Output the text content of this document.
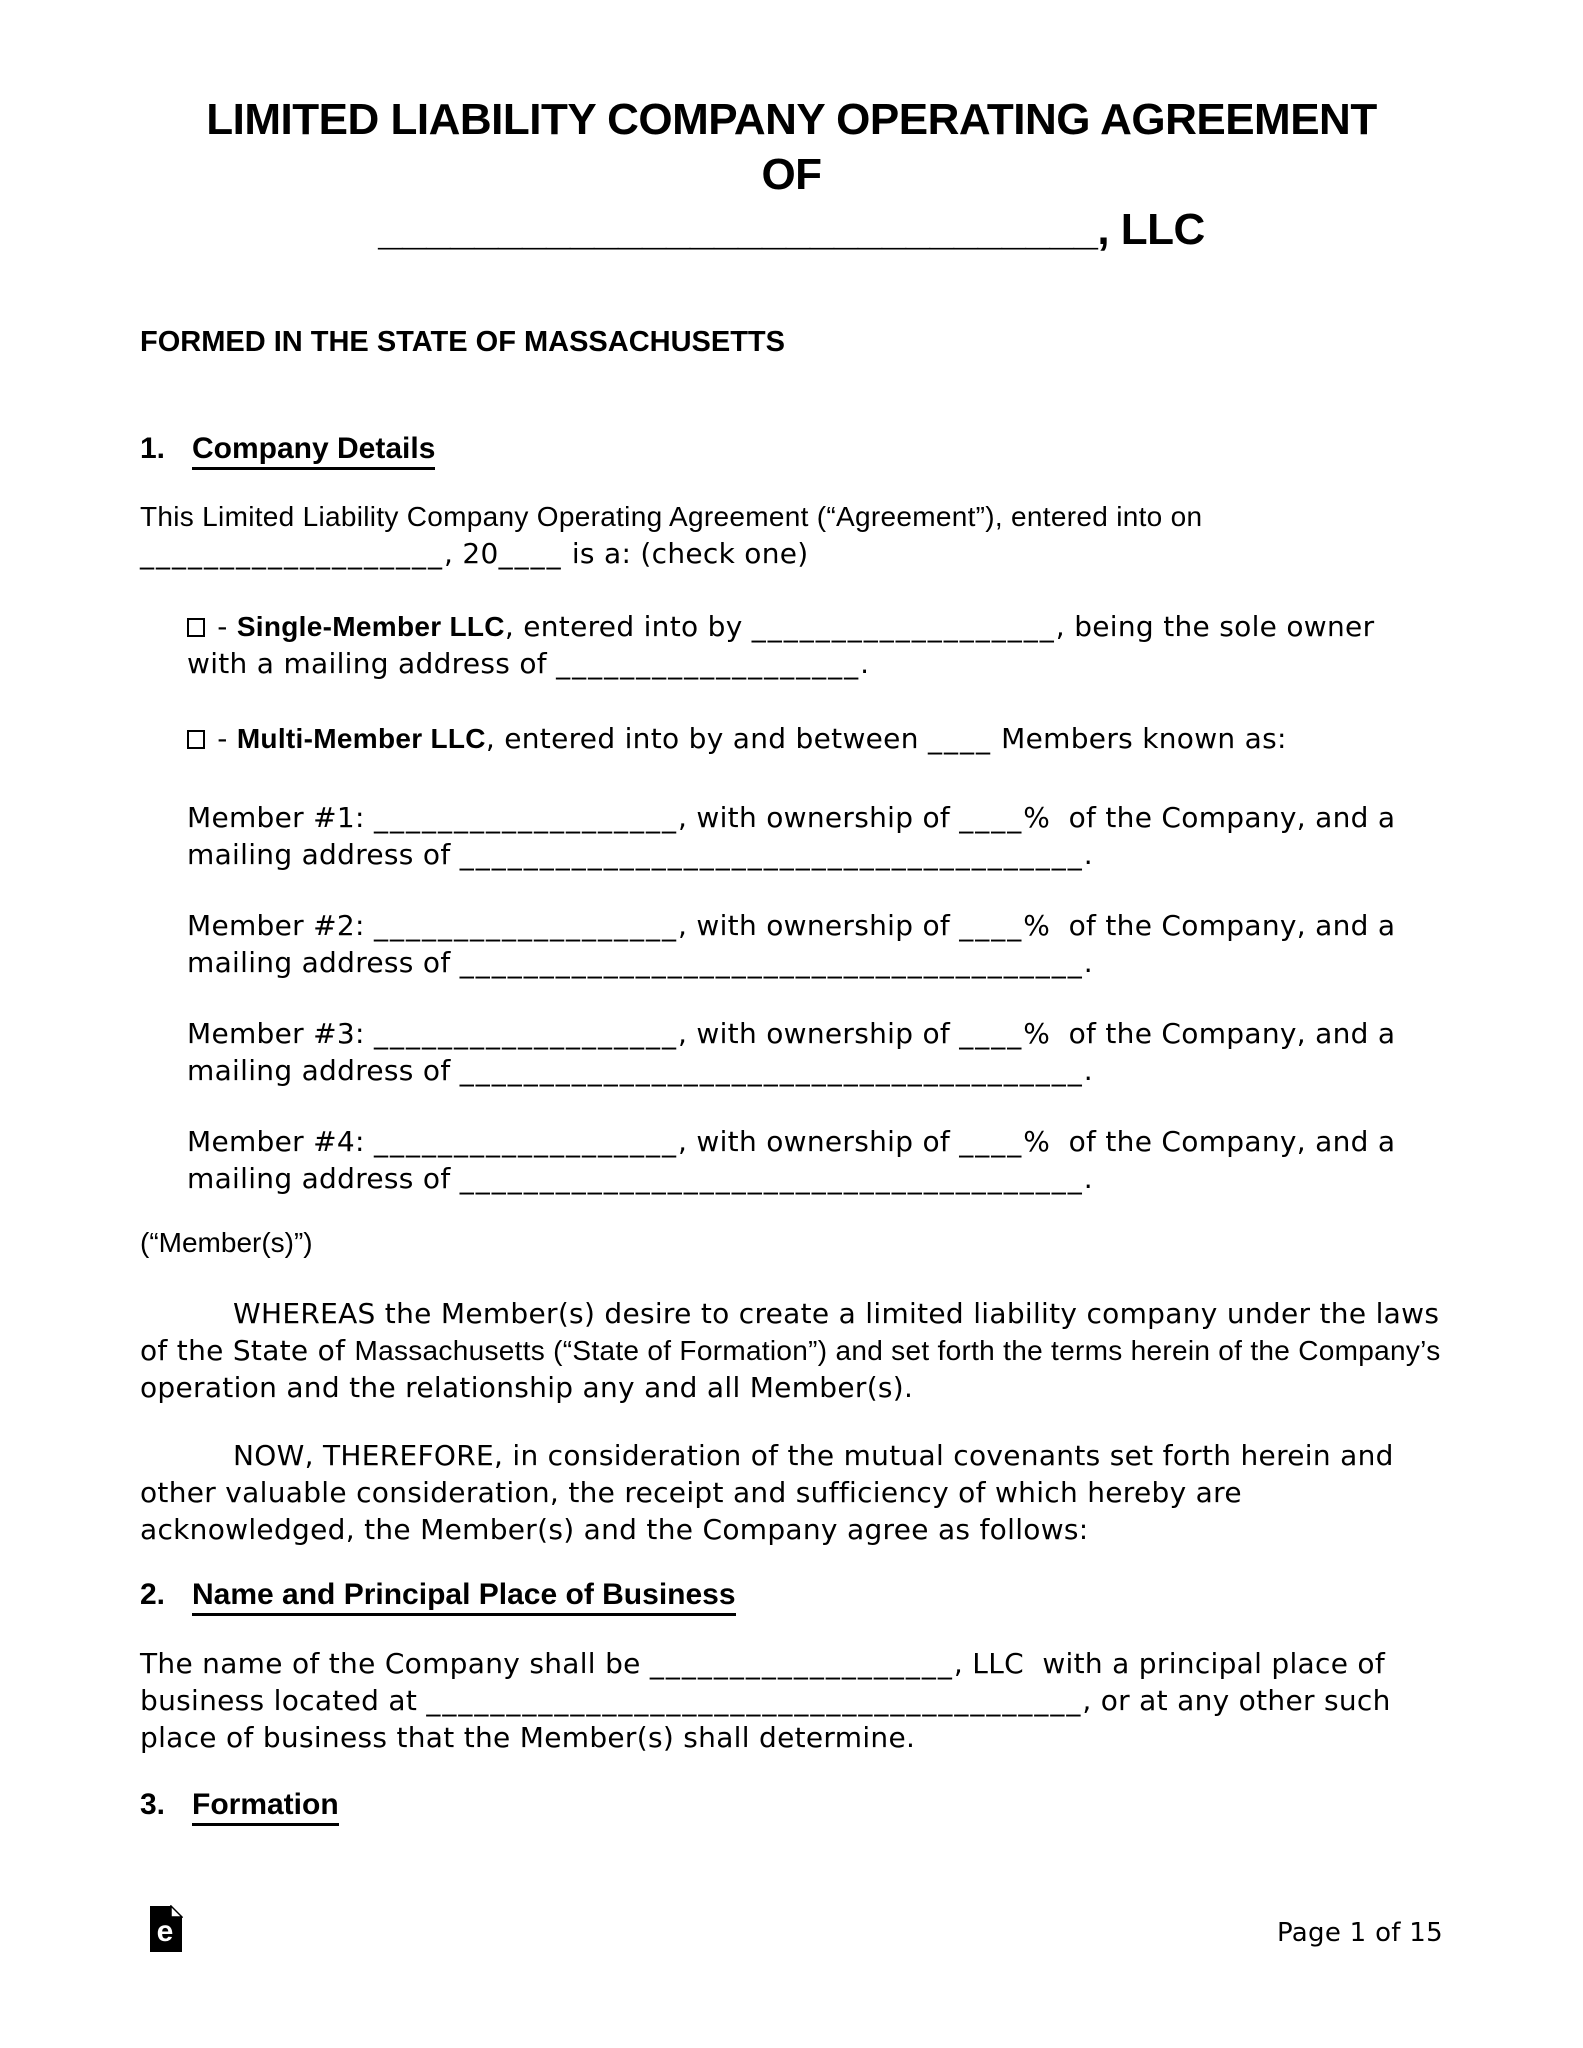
LIMITED LIABILITY COMPANY OPERATING AGREEMENT
OF
______________________________, LLC
FORMED IN THE STATE OF MASSACHUSETTS
1. Company Details
This Limited Liability Company Operating Agreement (“Agreement”), entered into on ___________________, 20____ is a: (check one)
- Single-Member LLC, entered into by ___________________, being the sole owner with a mailing address of ___________________.
- Multi-Member LLC, entered into by and between ____ Members known as:
Member #1: ___________________, with ownership of ____%  of the Company, and a mailing address of _______________________________________.
Member #2: ___________________, with ownership of ____%  of the Company, and a mailing address of _______________________________________.
Member #3: ___________________, with ownership of ____%  of the Company, and a mailing address of _______________________________________.
Member #4: ___________________, with ownership of ____%  of the Company, and a mailing address of _______________________________________.
(“Member(s)”)
WHEREAS the Member(s) desire to create a limited liability company under the laws of the State of Massachusetts (“State of Formation”) and set forth the terms herein of the Company’s operation and the relationship any and all Member(s).
NOW, THEREFORE, in consideration of the mutual covenants set forth herein and other valuable consideration, the receipt and sufficiency of which hereby are acknowledged, the Member(s) and the Company agree as follows:
2. Name and Principal Place of Business
The name of the Company shall be ___________________, LLC  with a principal place of business located at _________________________________________, or at any other such place of business that the Member(s) shall determine.
3. Formation
e	Page 1 of 15
